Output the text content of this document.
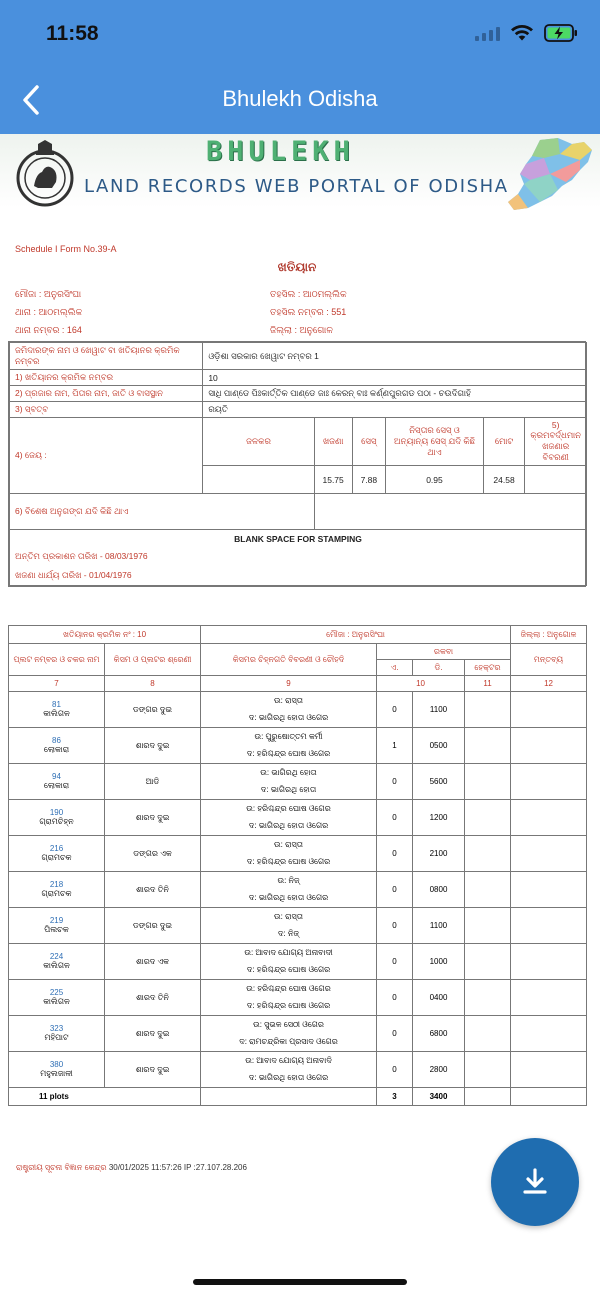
11:58
Bhulekh Odisha
BHULEKH
LAND RECORDS WEB PORTAL OF ODISHA
Schedule I Form No.39-A
ଖତିୟାନ
ମୌଜା : ଅନୁରସିଂଘା	ତହସିଲ : ଆଠମଲ୍ଲିକ
ଥାନା : ଆଠମଲ୍ଲିକ	ତହସିଲ ନମ୍ବର : 551
ଥାନା ନମ୍ବର : 164	ଜିଲ୍ଲା : ଅନୁଗୋଳ
ଜମିଦାରଙ୍କ ନାମ ଓ ଖେୱାଟ ବା ଖତିୟାନର କ୍ରମିକ ନମ୍ବର	ଓଡ଼ିଶା ସରକାର ଖେୱାଟ ନମ୍ବର 1					
1) ଖତିୟାନର କ୍ରମିକ ନମ୍ବର	10					
2) ପ୍ରଜାର ନାମ, ପିତାର ନାମ, ଜାତି ଓ ବାସସ୍ଥାନ	ସାଧି ପାଣ୍ଡେ ପିଃକାର୍ତ୍ତିକ ପାଣ୍ଡେ ଜାଃ କେରନ୍ ବାଃ କର୍ଣ୍ଣପୁରଗଡ ପଠା - ଚଉଦିଗାହି					
3) ସ୍ବତ୍ବ	ରୟତି					
4) ଜେୟ :	ଜଳକର	ଖଜଣା	ସେସ୍	ନିସ୍ତାର ସେସ୍ ଓ ଅନ୍ୟାନ୍ୟ ସେସ୍ ଯଦି କିଛି ଥାଏ	ମୋଟ	5) କ୍ରମବର୍ଦ୍ଧମାନ ଖଜଣାର ବିବରଣୀ
		15.75	7.88	0.95	24.58	
6) ବିଶେଷ ଅନୁଗଙ୍ଗ ଯଦି କିଛି ଥାଏ						
BLANK SPACE FOR STAMPING						
ଅନ୍ତିମ ପ୍ରକାଶନ ତାରିଖ - 08/03/1976						
ଖଜଣା ଧାର୍ଯ୍ୟ ତାରିଖ - 01/04/1976						
ଖତିୟାନର କ୍ରମିକ ନଂ : 10		ମୌଜା : ଅନୁରସିଂଘା				ଜିଲ୍ଲା : ଅନୁଗୋଳ
ପ୍ଲଟ ନମ୍ବର ଓ ଚକର ନାମ	କିସମ ଓ ପ୍ଲଟର ଶ୍ରେଣୀ	କିସମର ଚିହ୍ନଗତି ବିବରଣୀ ଓ ଚୌହଦି	ରକବା			ମନ୍ତବ୍ୟ
			ଏ.	ଡି.	ହେକ୍ଟର	
7	8	9	10		11	12

81
କାଲିଗଳ	ଡଙ୍ଗର ଦୁଇ	ଉ: ରାସ୍ତା	0	1100		
		ଦ: ଭାଗିରଥି ହୋତା ଓଗେର				

86
ଲୋକାରା	ଶାରଦ ଦୁଇ	ଉ: ପୁରୁଷୋତ୍ତମ କର୍ମୀ	1	0500		
		ଦ: ହରିଶ୍ଚନ୍ଦ୍ର ଘୋଷ ଓଗେର				

94
ଲୋକାରା	ଆଡି	ଉ: ଭାଗିରଥି ହୋତା	0	5600		
		ଦ: ଭାଗିରଥି ହୋତା				

190
ଗ୍ରାମଚିହ୍ନ	ଶାରଦ ଦୁଇ	ଉ: ହରିଶ୍ଚନ୍ଦ୍ର ଘୋଷ ଓଗେର	0	1200		
		ଦ: ଭାଗିରଥି ହୋତା ଓଗେର				

216
ଗ୍ରାମଚକ	ଡଙ୍ଗର ଏକ	ଉ: ରାସ୍ତା	0	2100		
		ଦ: ହରିଶ୍ଚନ୍ଦ୍ର ଘୋଷ ଓଗେର				

218
ଗ୍ରାମଚକ	ଶାରଦ ତିନି	ଉ: ନିଜ୍	0	0800		
		ଦ: ଭାଗିରଥି ହୋତା ଓଗେର				

219
ପିଲଚକ	ଡଙ୍ଗର ଦୁଇ	ଉ: ରାସ୍ତା	0	1100		
		ଦ: ନିଜ୍				

224
କାଲିଗଳ	ଶାରଦ ଏକ	ଉ: ଆବାଦ ଯୋଗ୍ୟ ଅନାବାଦୀ	0	1000		
		ଦ: ହରିଶ୍ଚନ୍ଦ୍ର ଘୋଷ ଓଗେର				

225
କାଲିଗଳ	ଶାରଦ ତିନି	ଉ: ହରିଶ୍ଚନ୍ଦ୍ର ଘୋଷ ଓଗେର	0	0400		
		ଦ: ହରିଶ୍ଚନ୍ଦ୍ର ଘୋଷ ଓଗେର				

323
ମହିପାଟ	ଶାରଦ ଦୁଇ	ଉ: ସୁଭଳ ସେଠୀ ଓଗେର	0	6800		
		ଦ: ରାମଚନ୍ଦ୍ରିକା ପ୍ରସାଦ ଓଗେର				

380
ମହୁଲଜାଳୀ	ଶାରଦ ଦୁଇ	ଉ: ଆବାଦ ଯୋଗ୍ୟ ଅନାବାଦି	0	2800		
		ଦ: ଭାଗିରଥି ହୋତା ଓଗେର				
11 plots			3	3400		
ରାଷ୍ଟ୍ରୀୟ ସୂଚନା ବିଜ୍ଞାନ କେନ୍ଦ୍ର 30/01/2025 11:57:26 IP :27.107.28.206
